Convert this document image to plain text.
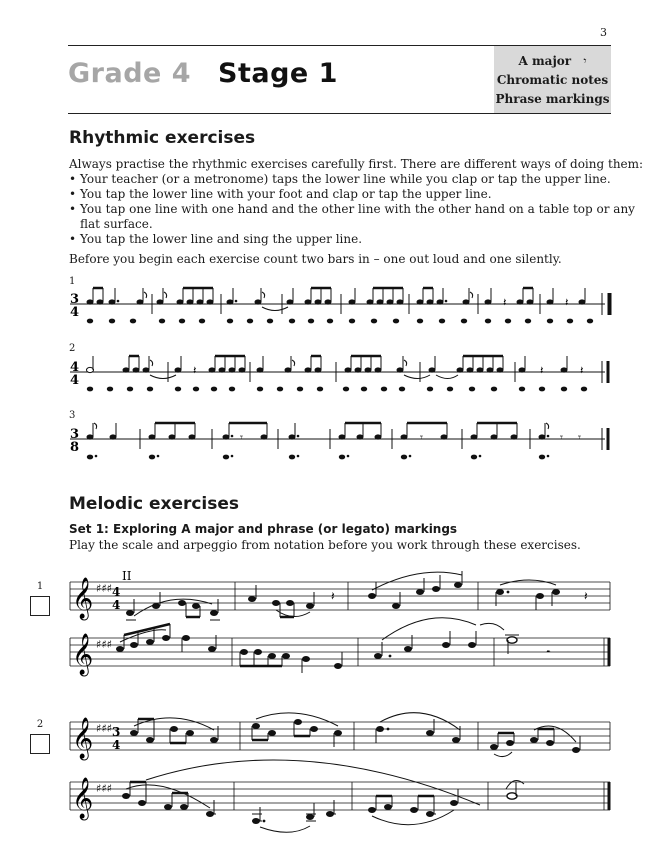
3
Grade 4 Stage 1	A major 𝄾
Chromatic notes
Phrase markings
Rhythmic exercises
Always practise the rhythmic exercises carefully first. There are different ways of doing them:
• Your teacher (or a metronome) taps the lower line while you clap or tap the upper line.
• You tap the lower line with your foot and clap or tap the upper line.
• You tap one line with one hand and the other line with the other hand on a table top or any
flat surface.
• You tap the lower line and sing the upper line.
Before you begin each exercise count two bars in – one out loud and one silently.
1
2
3
3
4
𝄽	𝄽
4
4
𝄽	𝄽	𝄽
3
8
𝄾	𝄾	𝄾 𝄾
Melodic exercises
Set 1: Exploring A major and phrase (or legato) markings
Play the scale and arpeggio from notation before you work through these exercises.
1
2
𝄞 ♯♯♯ 4
4
II
𝄽	𝄽
𝄞 ♯♯♯
𝄼
𝄞 ♯♯♯ 3
4
𝄞 ♯♯♯
